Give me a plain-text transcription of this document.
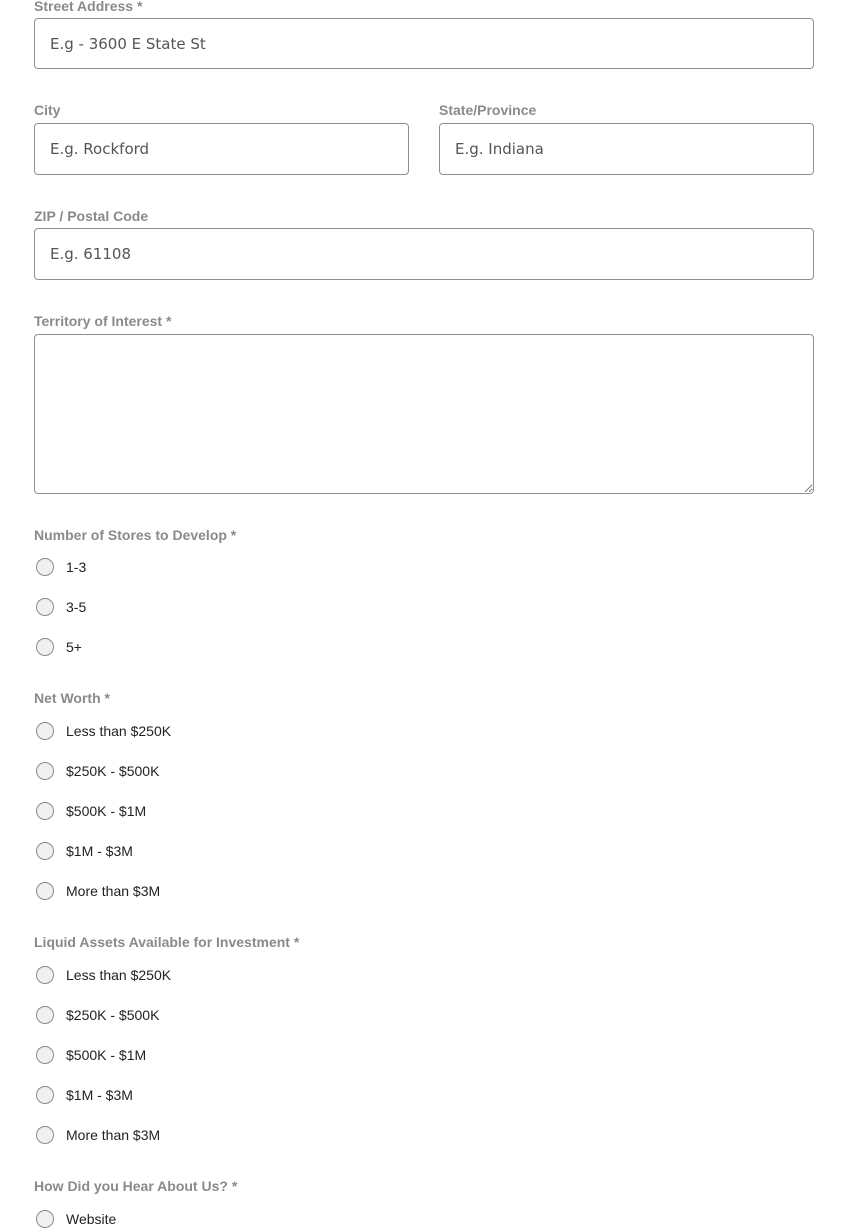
Street Address *
E.g - 3600 E State St
City
E.g. Rockford	State/Province
E.g. Indiana
ZIP / Postal Code
E.g. 61108
Territory of Interest *
Number of Stores to Develop *
1-3
3-5
5+
Net Worth *
Less than $250K
$250K - $500K
$500K - $1M
$1M - $3M
More than $3M
Liquid Assets Available for Investment *
Less than $250K
$250K - $500K
$500K - $1M
$1M - $3M
More than $3M
How Did you Hear About Us? *
Website
